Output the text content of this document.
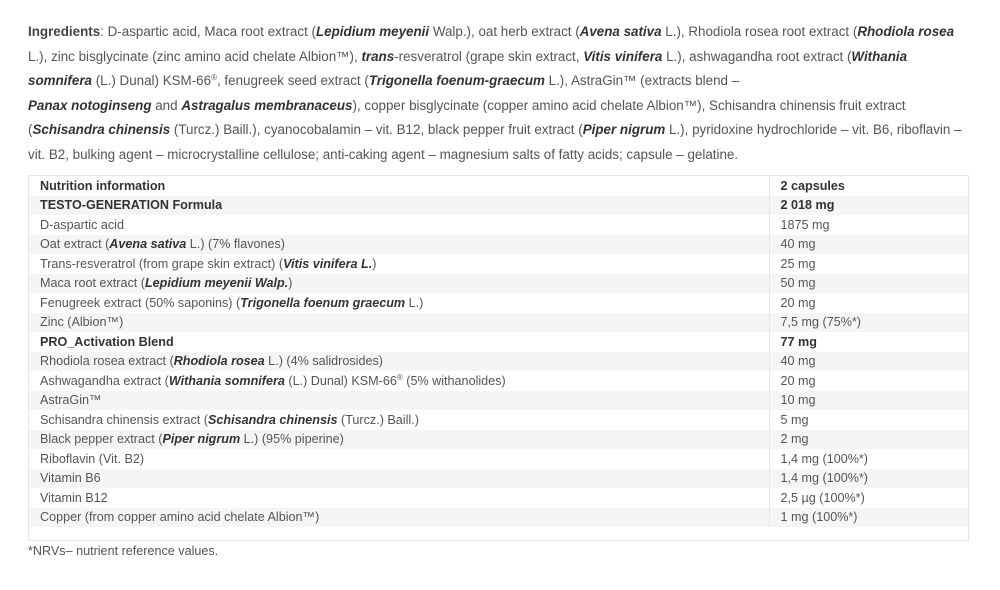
Ingredients: D-aspartic acid, Maca root extract (Lepidium meyenii Walp.), oat herb extract (Avena sativa L.), Rhodiola rosea root extract (Rhodiola rosea L.), zinc bisglycinate (zinc amino acid chelate Albion™), trans-resveratrol (grape skin extract, Vitis vinifera L.), ashwagandha root extract (Withania somnifera (L.) Dunal) KSM-66®, fenugreek seed extract (Trigonella foenum-graecum L.), AstraGin™ (extracts blend –
Panax notoginseng and Astragalus membranaceus), copper bisglycinate (copper amino acid chelate Albion™), Schisandra chinensis fruit extract (Schisandra chinensis (Turcz.) Baill.), cyanocobalamin – vit. B12, black pepper fruit extract (Piper nigrum L.), pyridoxine hydrochloride – vit. B6, riboflavin – vit. B2, bulking agent – microcrystalline cellulose; anti-caking agent – magnesium salts of fatty acids; capsule – gelatine.

Nutrition information	2 capsules
TESTO-GENERATION Formula	2 018 mg
D-aspartic acid	1875 mg
Oat extract (Avena sativa L.) (7% flavones)	40 mg
Trans-resveratrol (from grape skin extract) (Vitis vinifera L.)	25 mg
Maca root extract (Lepidium meyenii Walp.)	50 mg
Fenugreek extract (50% saponins) (Trigonella foenum graecum L.)	20 mg
Zinc (Albion™)	7,5 mg (75%*)
PRO_Activation Blend	77 mg
Rhodiola rosea extract (Rhodiola rosea L.) (4% salidrosides)	40 mg
Ashwagandha extract (Withania somnifera (L.) Dunal) KSM-66® (5% withanolides)	20 mg
AstraGin™	10 mg
Schisandra chinensis extract (Schisandra chinensis (Turcz.) Baill.)	5 mg
Black pepper extract (Piper nigrum L.) (95% piperine)	2 mg
Riboflavin (Vit. B2)	1,4 mg (100%*)
Vitamin B6	1,4 mg (100%*)
Vitamin B12	2,5 µg (100%*)
Copper (from copper amino acid chelate Albion™)	1 mg (100%*)
*NRVs– nutrient reference values.
